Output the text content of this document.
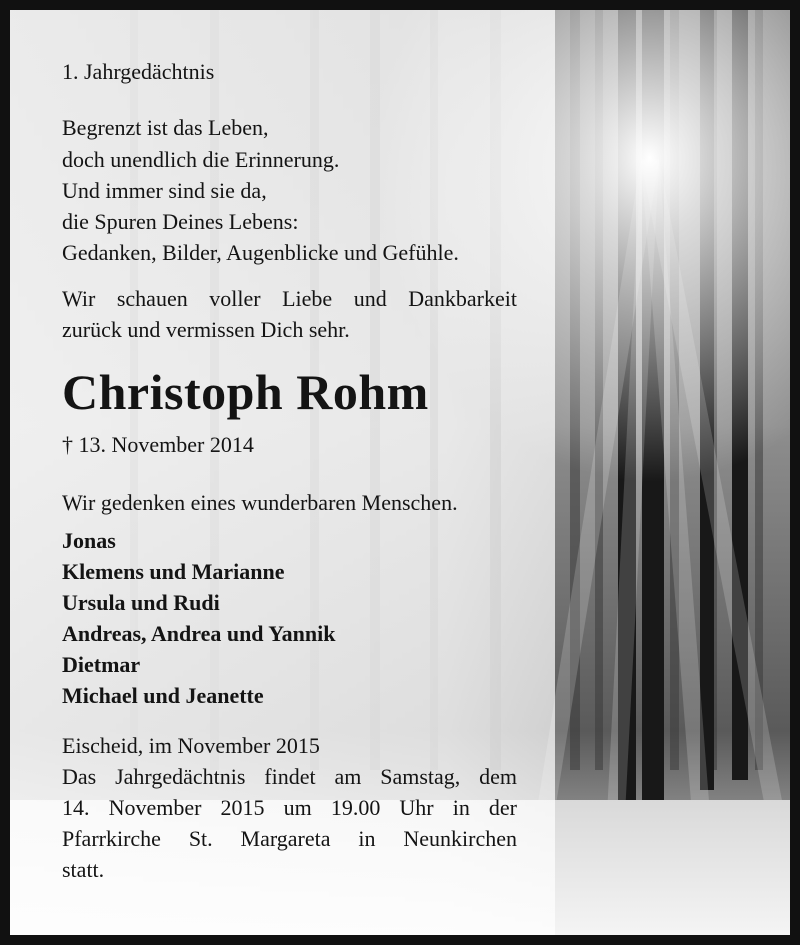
1. Jahrgedächtnis
Begrenzt ist das Leben,
doch unendlich die Erinnerung.
Und immer sind sie da,
die Spuren Deines Lebens:
Gedanken, Bilder, Augenblicke und Gefühle.
Wir schauen voller Liebe und Dankbarkeit
zurück und vermissen Dich sehr.
Christoph Rohm
† 13. November 2014
Wir gedenken eines wunderbaren Menschen.
Jonas
Klemens und Marianne
Ursula und Rudi
Andreas, Andrea und Yannik
Dietmar
Michael und Jeanette
Eischeid, im November 2015
Das Jahrgedächtnis findet am Samstag, dem
14. November 2015 um 19.00 Uhr in der
Pfarrkirche St. Margareta in Neunkirchen
statt.
